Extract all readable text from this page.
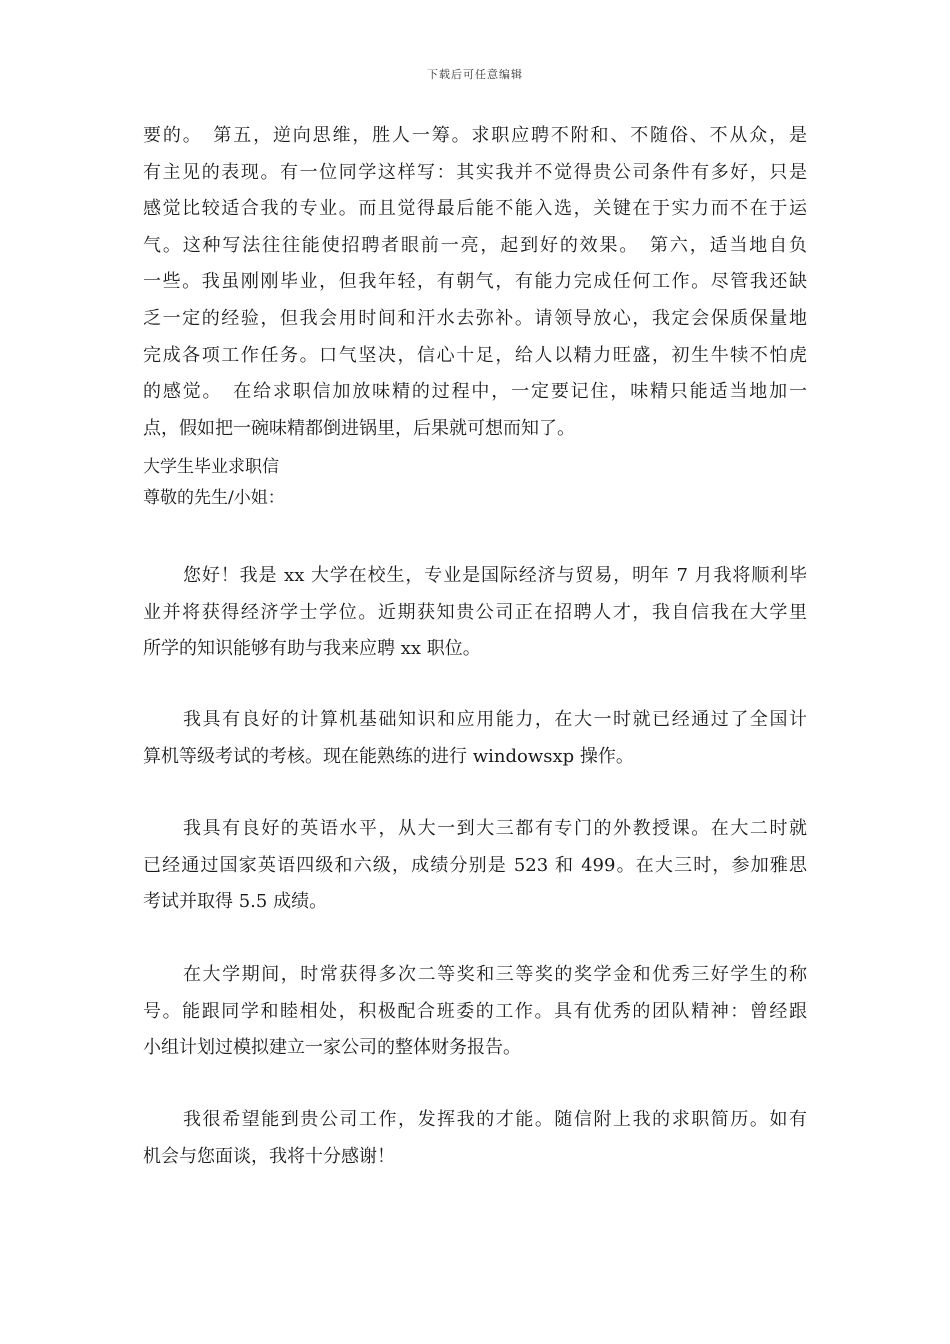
下载后可任意编辑
要的。　第五，逆向思维，胜人一筹。求职应聘不附和、不随俗、不从众，是
有主见的表现。有一位同学这样写：其实我并不觉得贵公司条件有多好，只是
感觉比较适合我的专业。而且觉得最后能不能入选，关键在于实力而不在于运
气。这种写法往往能使招聘者眼前一亮，起到好的效果。　第六，适当地自负
一些。我虽刚刚毕业，但我年轻，有朝气，有能力完成任何工作。尽管我还缺
乏一定的经验，但我会用时间和汗水去弥补。请领导放心，我定会保质保量地
完成各项工作任务。口气坚决，信心十足，给人以精力旺盛，初生牛犊不怕虎
的感觉。　在给求职信加放味精的过程中，一定要记住，味精只能适当地加一
点，假如把一碗味精都倒进锅里，后果就可想而知了。
大学生毕业求职信
尊敬的先生/小姐：
您好！我是 xx 大学在校生，专业是国际经济与贸易，明年 7 月我将顺利毕
业并将获得经济学士学位。近期获知贵公司正在招聘人才，我自信我在大学里
所学的知识能够有助与我来应聘 xx 职位。
我具有良好的计算机基础知识和应用能力，在大一时就已经通过了全国计
算机等级考试的考核。现在能熟练的进行 windowsxp 操作。
我具有良好的英语水平，从大一到大三都有专门的外教授课。在大二时就
已经通过国家英语四级和六级，成绩分别是 523 和 499。在大三时，参加雅思
考试并取得 5.5 成绩。
在大学期间，时常获得多次二等奖和三等奖的奖学金和优秀三好学生的称
号。能跟同学和睦相处，积极配合班委的工作。具有优秀的团队精神：曾经跟
小组计划过模拟建立一家公司的整体财务报告。
我很希望能到贵公司工作，发挥我的才能。随信附上我的求职简历。如有
机会与您面谈，我将十分感谢！
